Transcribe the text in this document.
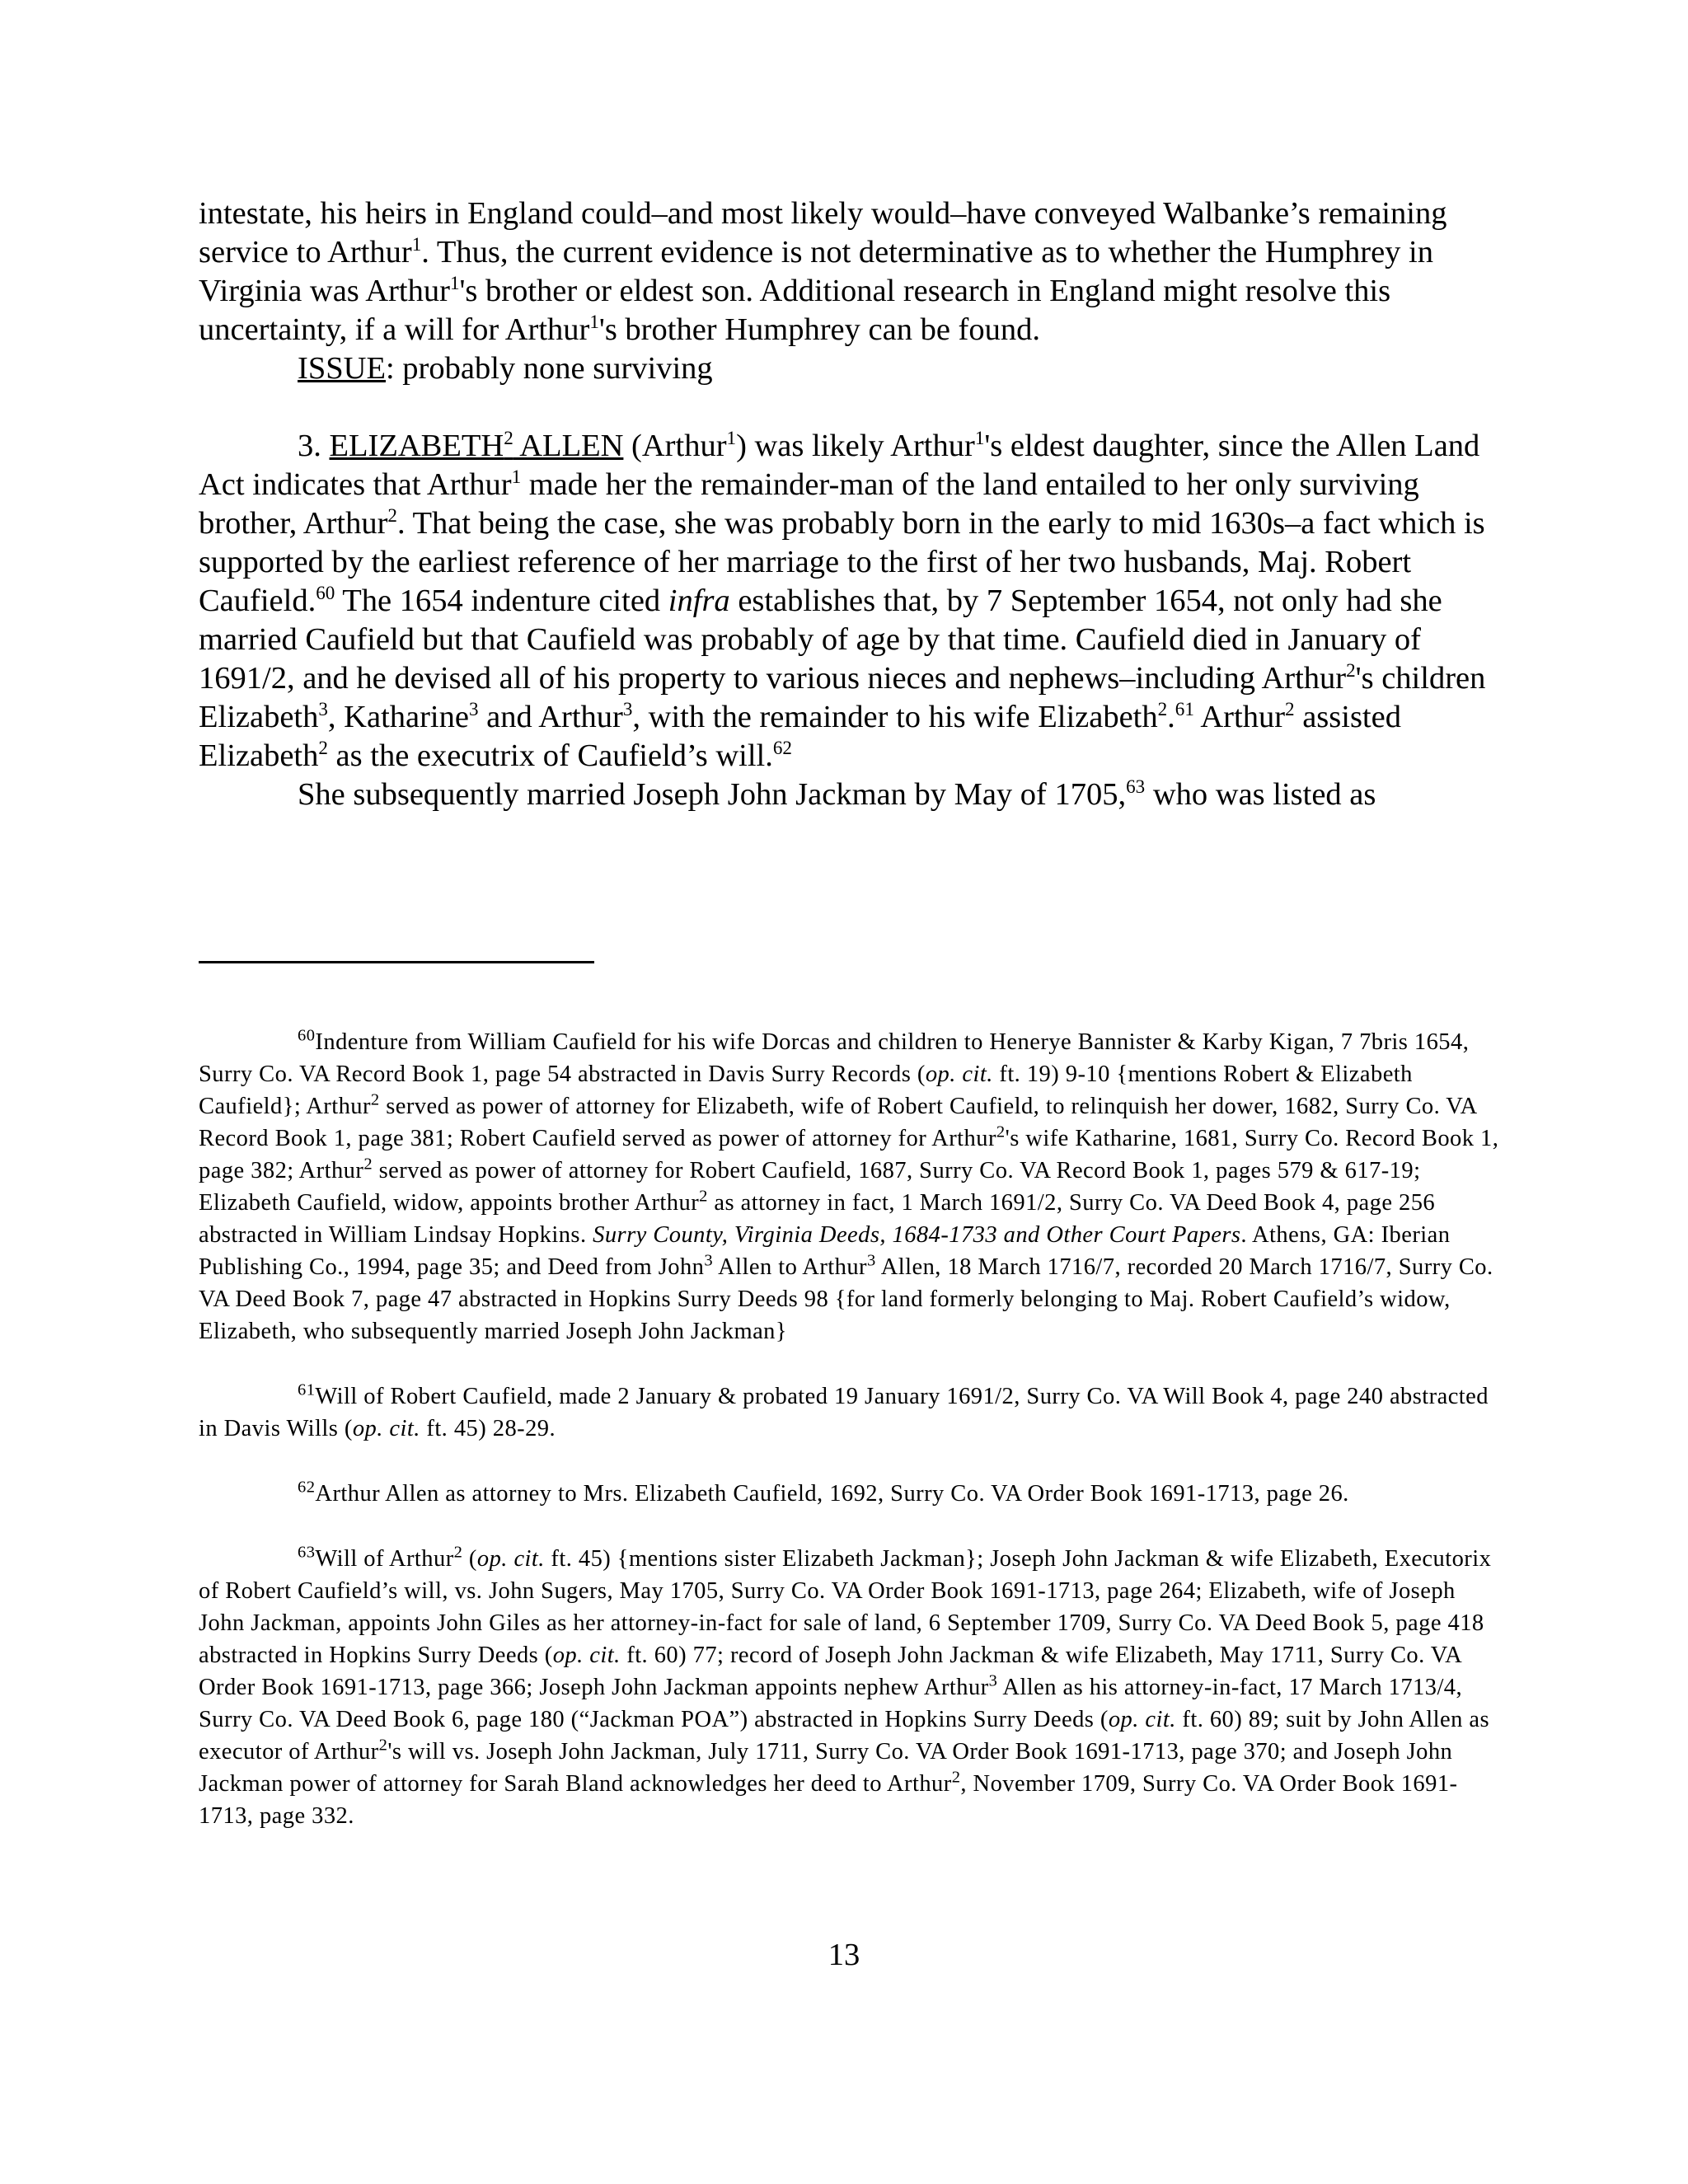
intestate, his heirs in England could–and most likely would–have conveyed Walbanke’s remaining service to Arthur$^1$. Thus, the current evidence is not determinative as to whether the Humphrey in Virginia was Arthur$^1$'s brother or eldest son. Additional research in England might resolve this uncertainty, if a will for Arthur$^1$'s brother Humphrey can be found.

ISSUE: probably none surviving

3. ELIZABETH$^2$ ALLEN (Arthur$^1$) was likely Arthur$^1$'s eldest daughter, since the Allen Land Act indicates that Arthur$^1$ made her the remainder-man of the land entailed to her only surviving brother, Arthur$^2$. That being the case, she was probably born in the early to mid 1630s–a fact which is supported by the earliest reference of her marriage to the first of her two husbands, Maj. Robert Caufield.$^{60}$ The 1654 indenture cited infra establishes that, by 7 September 1654, not only had she married Caufield but that Caufield was probably of age by that time. Caufield died in January of 1691/2, and he devised all of his property to various nieces and nephews–including Arthur$^2$'s children Elizabeth$^3$, Katharine$^3$ and Arthur$^3$, with the remainder to his wife Elizabeth$^2$.$^{61}$ Arthur$^2$ assisted Elizabeth$^2$ as the executrix of Caufield’s will.$^{62}$

She subsequently married Joseph John Jackman by May of 1705,63 who was listed as

$^{60}$Indenture from William Caufield for his wife Dorcas and children to Henerye Bannister & Karby Kigan, 7 7bris 1654, Surry Co. VA Record Book 1, page 54 abstracted in Davis Surry Records (op. cit. ft. 19) 9-10 {mentions Robert & Elizabeth Caufield}; Arthur$^2$ served as power of attorney for Elizabeth, wife of Robert Caufield, to relinquish her dower, 1682, Surry Co. VA Record Book 1, page 381; Robert Caufield served as power of attorney for Arthur$^2$'s wife Katharine, 1681, Surry Co. Record Book 1, page 382; Arthur$^2$ served as power of attorney for Robert Caufield, 1687, Surry Co. VA Record Book 1, pages 579 & 617-19; Elizabeth Caufield, widow, appoints brother Arthur$^2$ as attorney in fact, 1 March 1691/2, Surry Co. VA Deed Book 4, page 256 abstracted in William Lindsay Hopkins. Surry County, Virginia Deeds, 1684-1733 and Other Court Papers. Athens, GA: Iberian Publishing Co., 1994, page 35; and Deed from John$^3$ Allen to Arthur$^3$ Allen, 18 March 1716/7, recorded 20 March 1716/7, Surry Co. VA Deed Book 7, page 47 abstracted in Hopkins Surry Deeds 98 {for land formerly belonging to Maj. Robert Caufield’s widow, Elizabeth, who subsequently married Joseph John Jackman}

$^{61}$Will of Robert Caufield, made 2 January & probated 19 January 1691/2, Surry Co. VA Will Book 4, page 240 abstracted in Davis Wills (op. cit. ft. 45) 28-29.

$^{62}$Arthur Allen as attorney to Mrs. Elizabeth Caufield, 1692, Surry Co. VA Order Book 1691-1713, page 26.

$^{63}$Will of Arthur$^2$ (op. cit. ft. 45) {mentions sister Elizabeth Jackman}; Joseph John Jackman & wife Elizabeth, Executorix of Robert Caufield’s will, vs. John Sugers, May 1705, Surry Co. VA Order Book 1691-1713, page 264; Elizabeth, wife of Joseph John Jackman, appoints John Giles as her attorney-in-fact for sale of land, 6 September 1709, Surry Co. VA Deed Book 5, page 418 abstracted in Hopkins Surry Deeds (op. cit. ft. 60) 77; record of Joseph John Jackman & wife Elizabeth, May 1711, Surry Co. VA Order Book 1691-1713, page 366; Joseph John Jackman appoints nephew Arthur$^3$ Allen as his attorney-in-fact, 17 March 1713/4, Surry Co. VA Deed Book 6, page 180 (“Jackman POA”) abstracted in Hopkins Surry Deeds (op. cit. ft. 60) 89; suit by John Allen as executor of Arthur$^2$'s will vs. Joseph John Jackman, July 1711, Surry Co. VA Order Book 1691-1713, page 370; and Joseph John Jackman power of attorney for Sarah Bland acknowledges her deed to Arthur$^2$, November 1709, Surry Co. VA Order Book 1691-1713, page 332.

13
